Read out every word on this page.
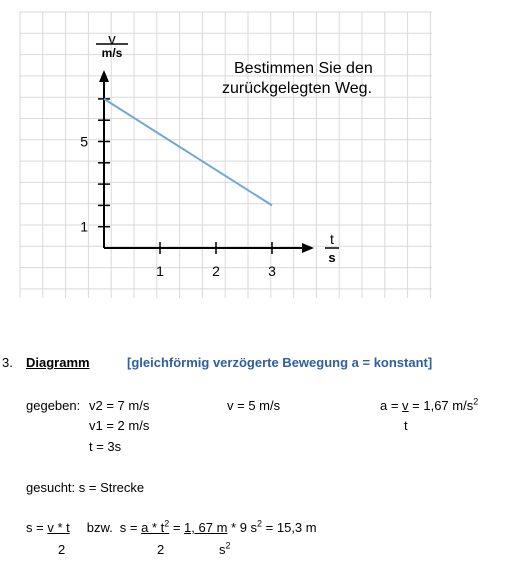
1	2	3
1
5
v
m/s
t
s
Bestimmen Sie den
zurückgelegten Weg.
3. Diagramm	[gleichförmig verzögerte Bewegung a = konstant]
gegeben: v2 = 7 m/s
v1 = 2 m/s
t = 3s
v = 5 m/s	a = v = 1,67 $m/s^2$
t
gesucht: s = Strecke
s = v * t bzw. $s = a * t^2 = 1$, 67 m * 9 $s^2 = 15,3$ m
2	2	$s^2$
